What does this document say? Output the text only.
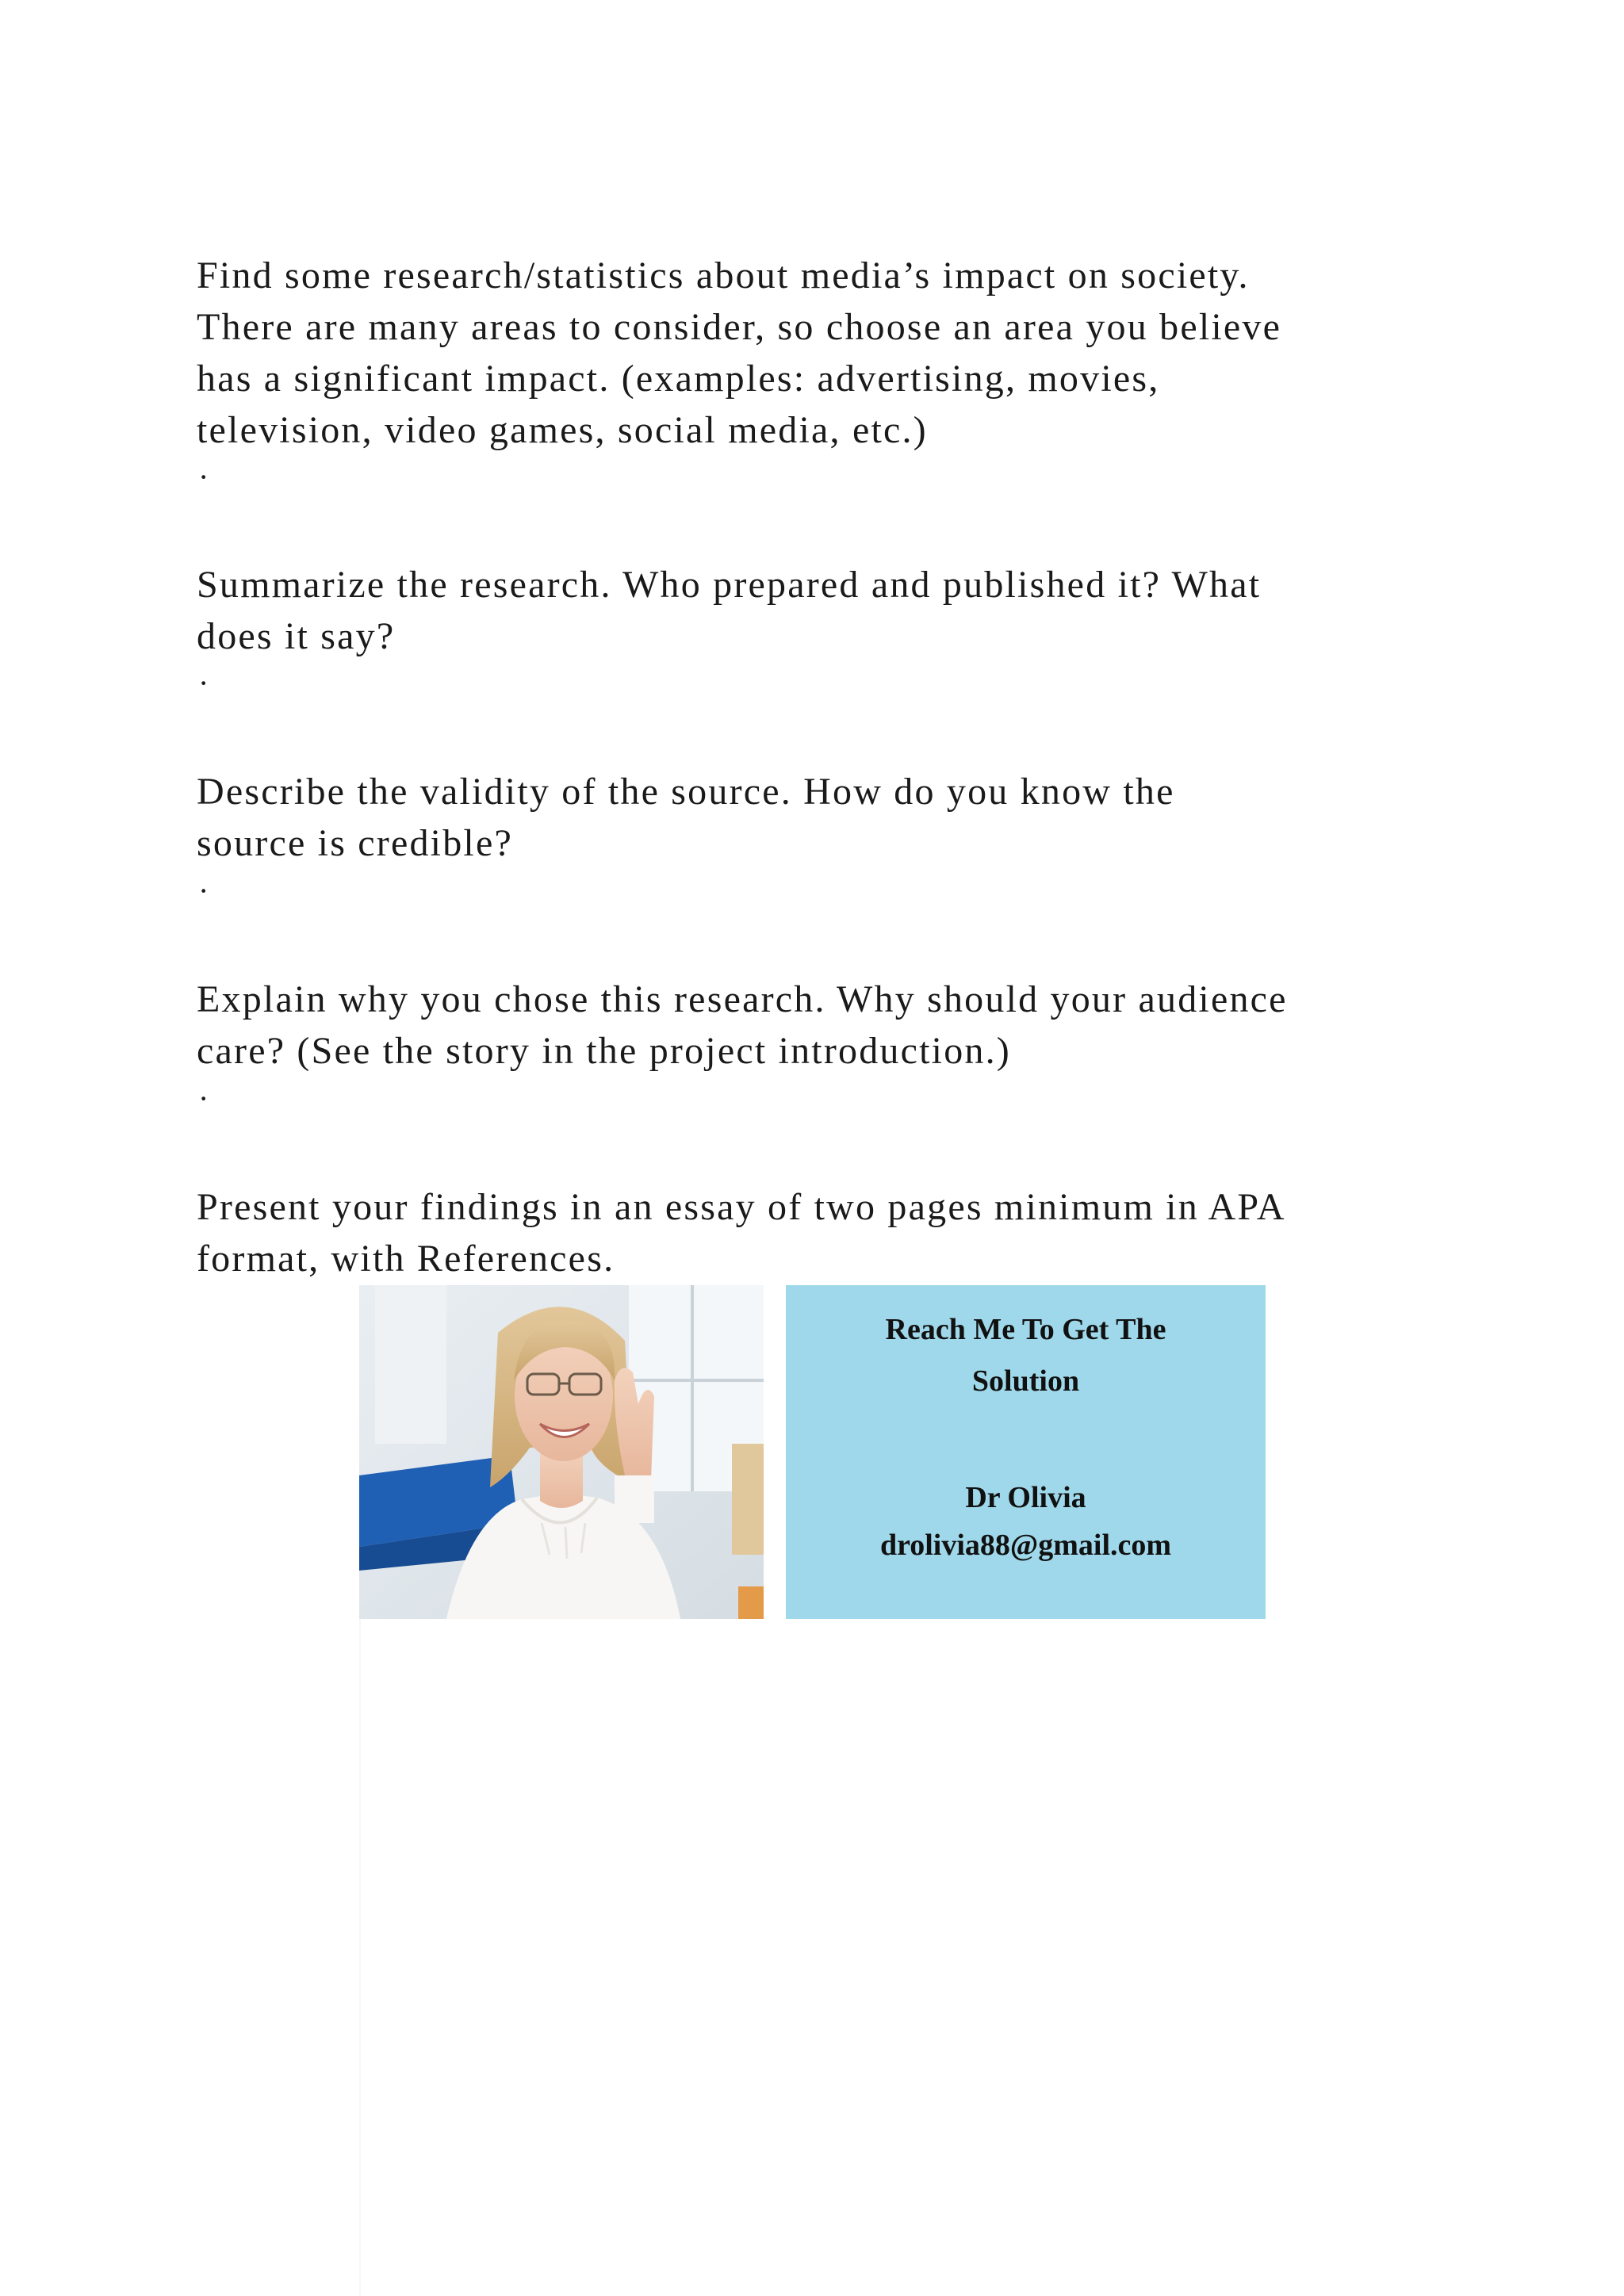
Find some research/statistics about media’s impact on society.
There are many areas to consider, so choose an area you believe
has a significant impact. (examples: advertising, movies,
television, video games, social media, etc.)

·

Summarize the research. Who prepared and published it? What
does it say?

·

Describe the validity of the source. How do you know the
source is credible?

·

Explain why you chose this research. Why should your audience
care? (See the story in the project introduction.)

·

Present your findings in an essay of two pages minimum in APA
format, with References.

Reach Me To Get The
Solution
Dr Olivia
drolivia88@gmail.com
